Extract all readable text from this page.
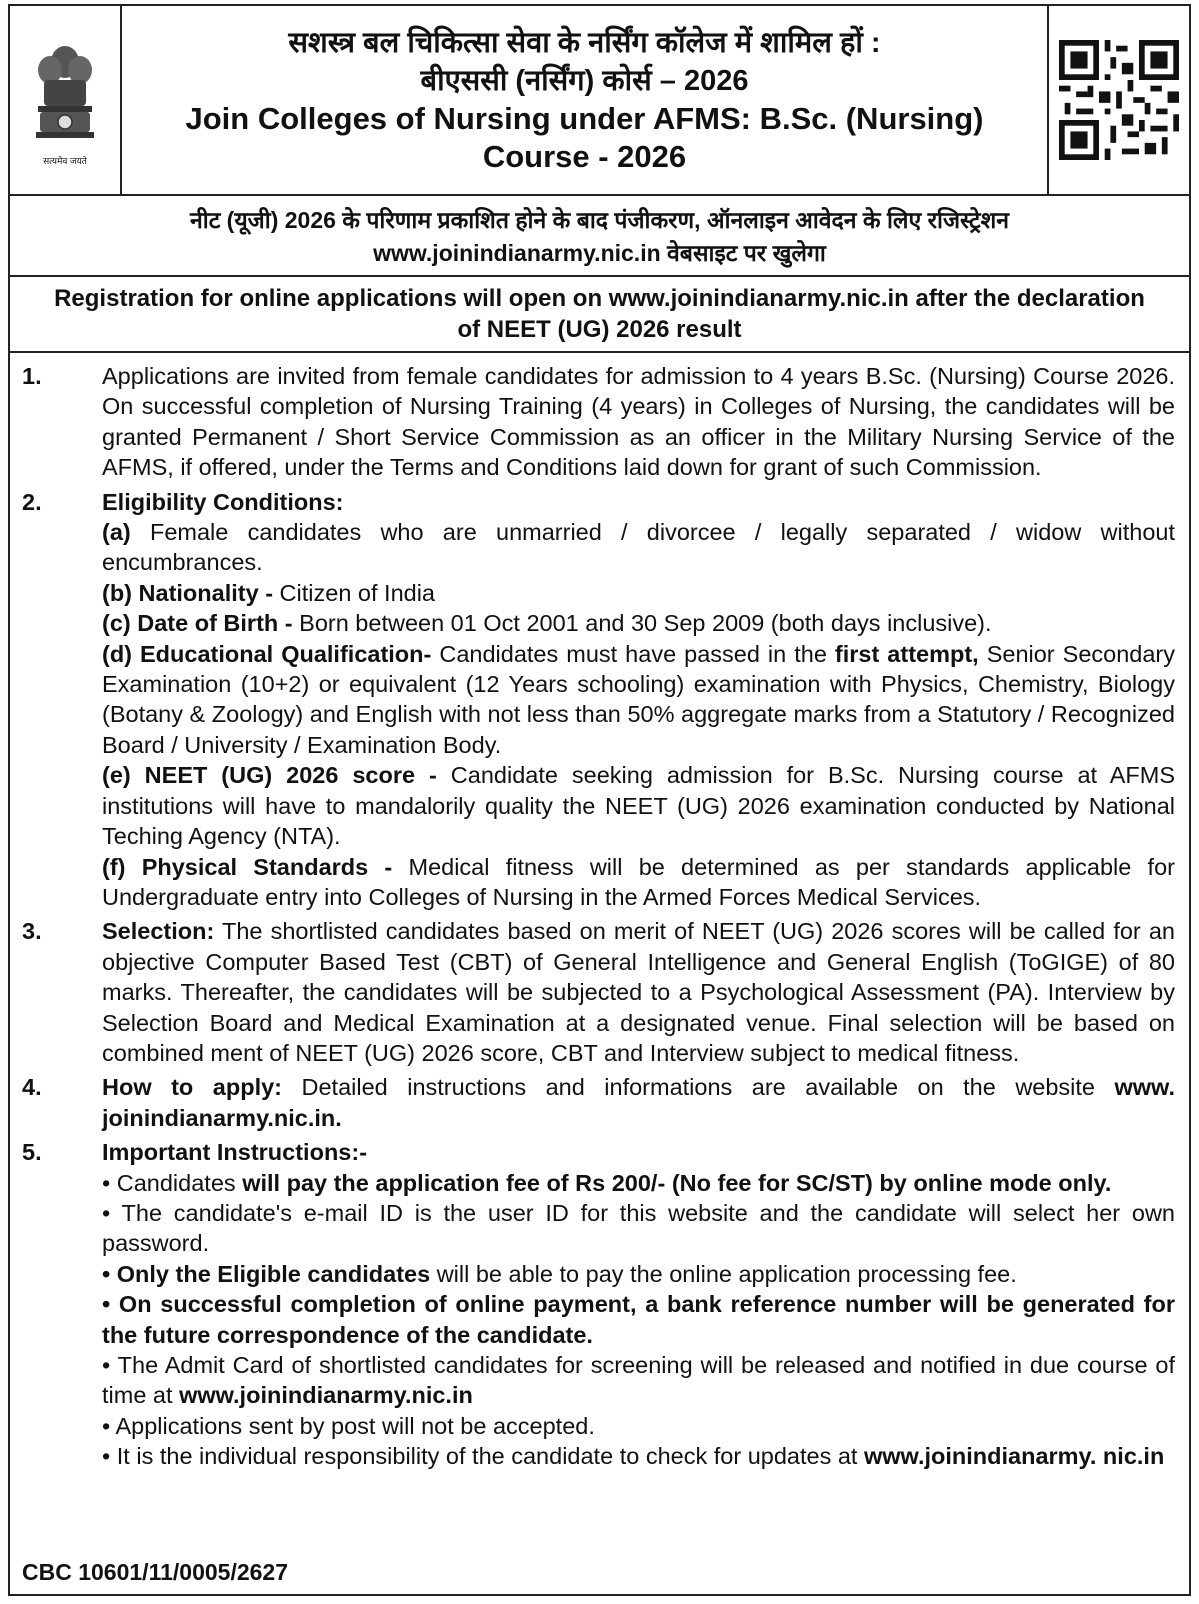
सत्यमेव जयते
सशस्त्र बल चिकित्सा सेवा के नर्सिंग कॉलेज में शामिल हों :
बीएससी (नर्सिंग) कोर्स – 2026
Join Colleges of Nursing under AFMS: B.Sc. (Nursing)
Course - 2026
नीट (यूजी) 2026 के परिणाम प्रकाशित होने के बाद पंजीकरण, ऑनलाइन आवेदन के लिए रजिस्ट्रेशन
www.joinindianarmy.nic.in वेबसाइट पर खुलेगा
Registration for online applications will open on www.joinindianarmy.nic.in after the declaration
of NEET (UG) 2026 result
1.	Applications are invited from female candidates for admission to 4 years B.Sc. (Nursing) Course 2026. On successful completion of Nursing Training (4 years) in Colleges of Nursing, the candidates will be granted Permanent / Short Service Commission as an officer in the Military Nursing Service of the AFMS, if offered, under the Terms and Conditions laid down for grant of such Commission.

2.	Eligibility Conditions:

(a) Female candidates who are unmarried / divorcee / legally separated / widow without encumbrances.

(b) Nationality - Citizen of India

(c) Date of Birth - Born between 01 Oct 2001 and 30 Sep 2009 (both days inclusive).

(d) Educational Qualification- Candidates must have passed in the first attempt, Senior Secondary Examination (10+2) or equivalent (12 Years schooling) examination with Physics, Chemistry, Biology (Botany & Zoology) and English with not less than 50% aggregate marks from a Statutory / Recognized Board / University / Examination Body.

(e) NEET (UG) 2026 score - Candidate seeking admission for B.Sc. Nursing course at AFMS institutions will have to mandalorily quality the NEET (UG) 2026 examination conducted by National Teching Agency (NTA).

(f) Physical Standards - Medical fitness will be determined as per standards applicable for Undergraduate entry into Colleges of Nursing in the Armed Forces Medical Services.

3.	Selection: The shortlisted candidates based on merit of NEET (UG) 2026 scores will be called for an objective Computer Based Test (CBT) of General Intelligence and General English (ToGIGE) of 80 marks. Thereafter, the candidates will be subjected to a Psychological Assessment (PA). Interview by Selection Board and Medical Examination at a designated venue. Final selection will be based on combined ment of NEET (UG) 2026 score, CBT and Interview subject to medical fitness.

4.	How to apply: Detailed instructions and informations are available on the website www. joinindianarmy.nic.in.

5.	Important Instructions:-

• Candidates will pay the application fee of Rs 200/- (No fee for SC/ST) by online mode only.

• The candidate's e-mail ID is the user ID for this website and the candidate will select her own password.

• Only the Eligible candidates will be able to pay the online application processing fee.

• On successful completion of online payment, a bank reference number will be generated for the future correspondence of the candidate.

• The Admit Card of shortlisted candidates for screening will be released and notified in due course of time at www.joinindianarmy.nic.in

• Applications sent by post will not be accepted.

• It is the individual responsibility of the candidate to check for updates at www.joinindianarmy. nic.in

CBC 10601/11/0005/2627
